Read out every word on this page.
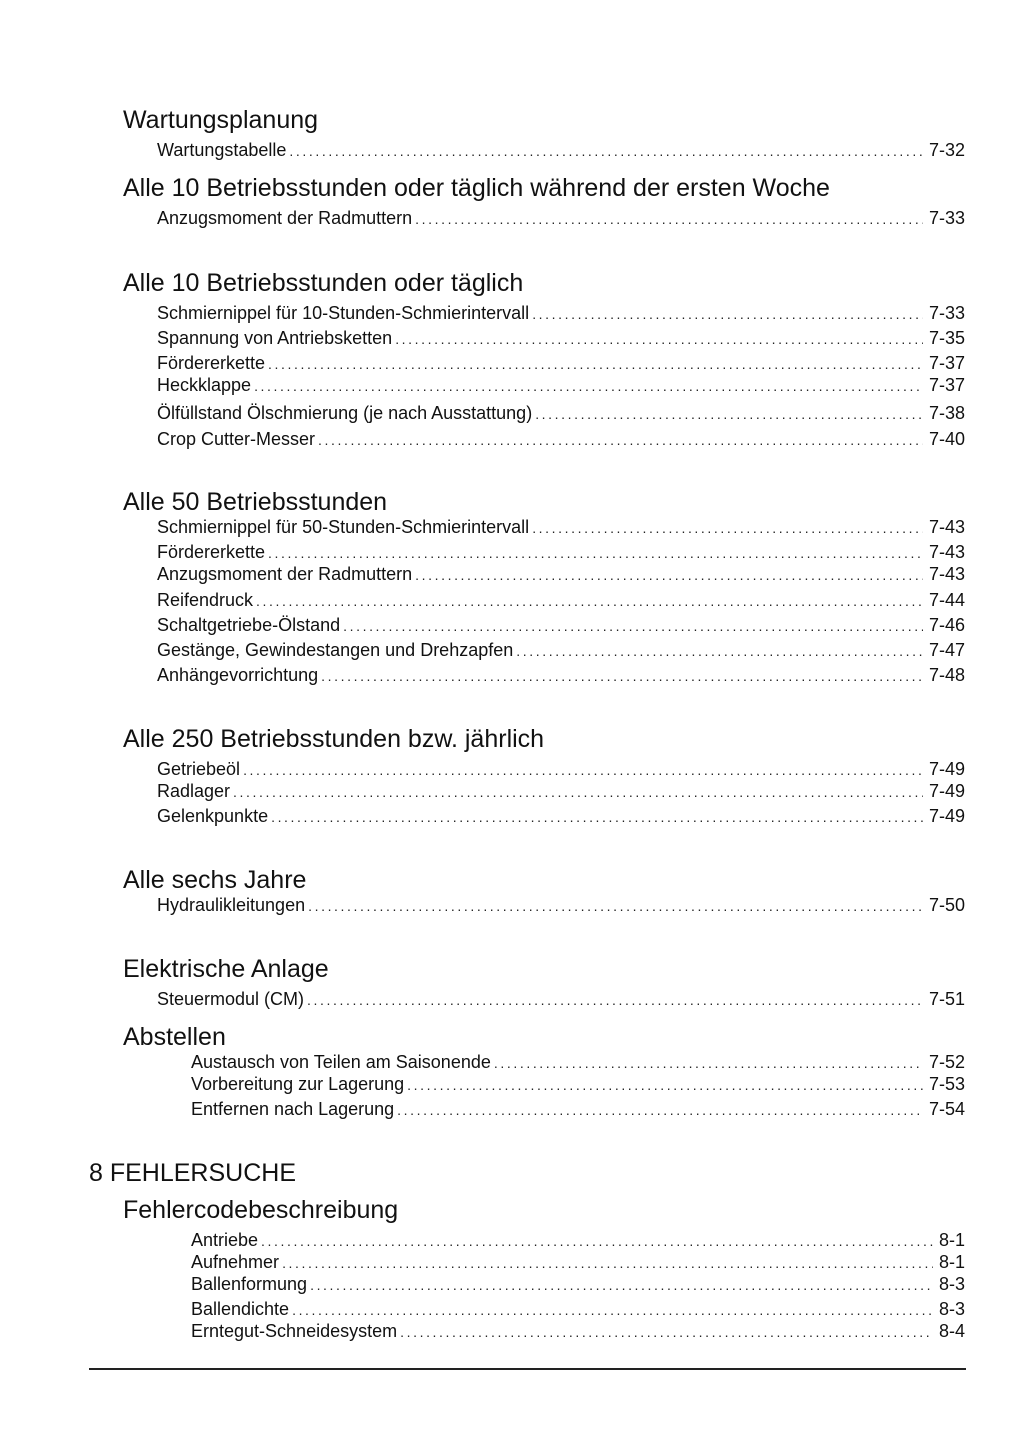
Wartungsplanung
Wartungstabelle .....	7-32
Alle 10 Betriebsstunden oder täglich während der ersten Woche
Anzugsmoment der Radmuttern .....	7-33
Alle 10 Betriebsstunden oder täglich
Schmiernippel für 10-Stunden-Schmierintervall .....	7-33
Spannung von Antriebsketten .....	7-35
Fördererkette .....	7-37
Heckklappe .....	7-37
Ölfüllstand Ölschmierung (je nach Ausstattung) .....	7-38
Crop Cutter-Messer .....	7-40
Alle 50 Betriebsstunden
Schmiernippel für 50-Stunden-Schmierintervall .....	7-43
Fördererkette .....	7-43
Anzugsmoment der Radmuttern .....	7-43
Reifendruck .....	7-44
Schaltgetriebe-Ölstand .....	7-46
Gestänge, Gewindestangen und Drehzapfen .....	7-47
Anhängevorrichtung .....	7-48
Alle 250 Betriebsstunden bzw. jährlich
Getriebeöl .....	7-49
Radlager .....	7-49
Gelenkpunkte .....	7-49
Alle sechs Jahre
Hydraulikleitungen .....	7-50
Elektrische Anlage
Steuermodul (CM) .....	7-51
Abstellen
Austausch von Teilen am Saisonende .....	7-52
Vorbereitung zur Lagerung .....	7-53
Entfernen nach Lagerung .....	7-54
8 FEHLERSUCHE
Fehlercodebeschreibung
Antriebe .....	8-1
Aufnehmer .....	8-1
Ballenformung .....	8-3
Ballendichte .....	8-3
Erntegut-Schneidesystem .....	8-4
